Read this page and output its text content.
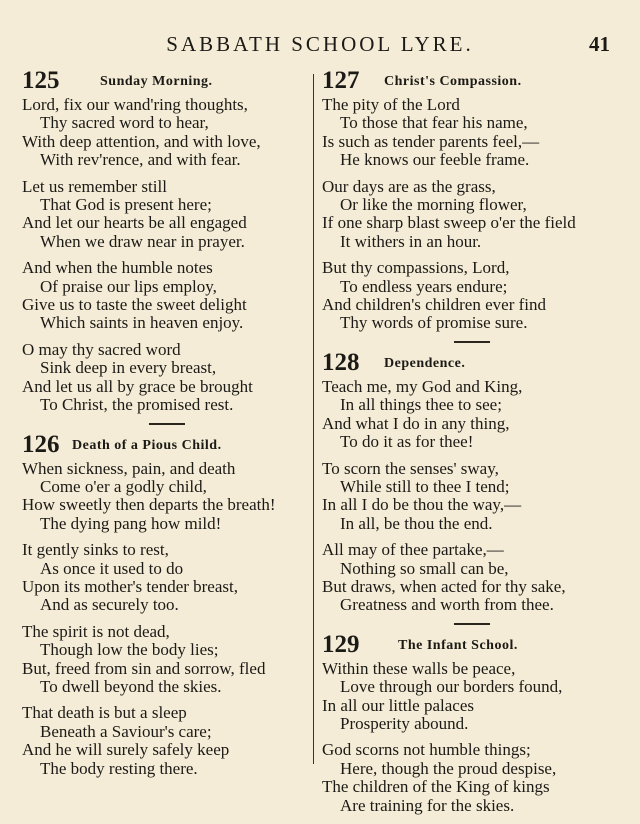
SABBATH SCHOOL LYRE.	41
125	Sunday Morning.
Lord, fix our wand'ring thoughts,
Thy sacred word to hear,
With deep attention, and with love,
With rev'rence, and with fear.
Let us remember still
That God is present here;
And let our hearts be all engaged
When we draw near in prayer.
And when the humble notes
Of praise our lips employ,
Give us to taste the sweet delight
Which saints in heaven enjoy.
O may thy sacred word
Sink deep in every breast,
And let us all by grace be brought
To Christ, the promised rest.
126 Death of a Pious Child.
When sickness, pain, and death
Come o'er a godly child,
How sweetly then departs the breath!
The dying pang how mild!
It gently sinks to rest,
As once it used to do
Upon its mother's tender breast,
And as securely too.
The spirit is not dead,
Though low the body lies;
But, freed from sin and sorrow, fled
To dwell beyond the skies.
That death is but a sleep
Beneath a Saviour's care;
And he will surely safely keep
The body resting there.
127 Christ's Compassion.
The pity of the Lord
To those that fear his name,
Is such as tender parents feel,—
He knows our feeble frame.
Our days are as the grass,
Or like the morning flower,
If one sharp blast sweep o'er the field
It withers in an hour.
But thy compassions, Lord,
To endless years endure;
And children's children ever find
Thy words of promise sure.
128 Dependence.
Teach me, my God and King,
In all things thee to see;
And what I do in any thing,
To do it as for thee!
To scorn the senses' sway,
While still to thee I tend;
In all I do be thou the way,—
In all, be thou the end.
All may of thee partake,—
Nothing so small can be,
But draws, when acted for thy sake,
Greatness and worth from thee.
129	The Infant School.
Within these walls be peace,
Love through our borders found,
In all our little palaces
Prosperity abound.
God scorns not humble things;
Here, though the proud despise,
The children of the King of kings
Are training for the skies.
